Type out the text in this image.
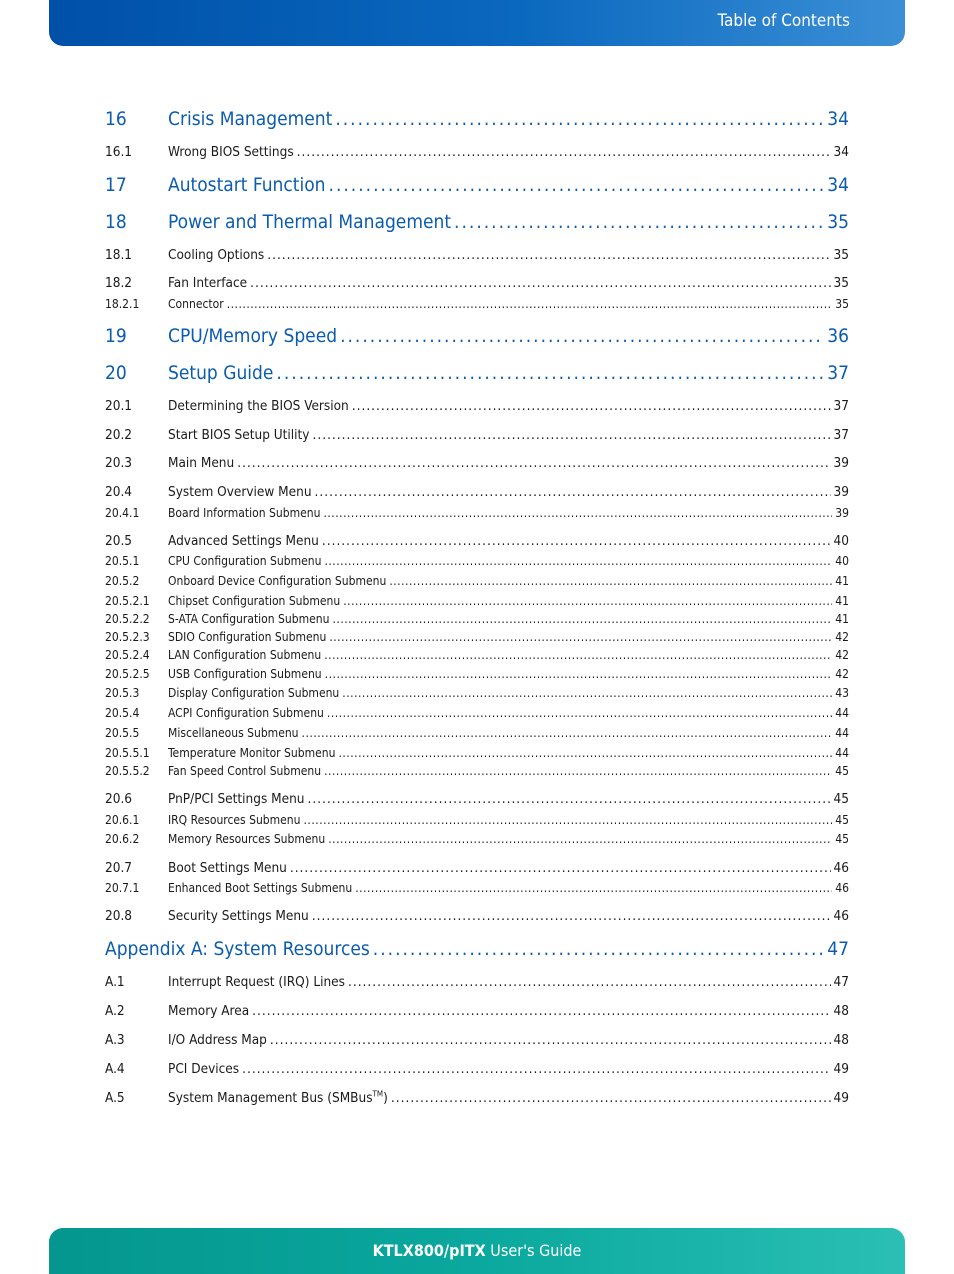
Table of Contents
16	Crisis Management .....	34
16.1	Wrong BIOS Settings .....	34
17	Autostart Function .....	34
18	Power and Thermal Management .....	35
18.1	Cooling Options .....	35
18.2	Fan Interface .....	35
18.2.1	Connector .....	35
19	CPU/Memory Speed .....	36
20	Setup Guide .....	37
20.1	Determining the BIOS Version .....	37
20.2	Start BIOS Setup Utility .....	37
20.3	Main Menu .....	39
20.4	System Overview Menu .....	39
20.4.1	Board Information Submenu .....	39
20.5	Advanced Settings Menu .....	40
20.5.1	CPU Configuration Submenu .....	40
20.5.2	Onboard Device Configuration Submenu .....	41
20.5.2.1	Chipset Configuration Submenu .....	41
20.5.2.2	S-ATA Configuration Submenu .....	41
20.5.2.3	SDIO Configuration Submenu .....	42
20.5.2.4	LAN Configuration Submenu .....	42
20.5.2.5	USB Configuration Submenu .....	42
20.5.3	Display Configuration Submenu .....	43
20.5.4	ACPI Configuration Submenu .....	44
20.5.5	Miscellaneous Submenu .....	44
20.5.5.1	Temperature Monitor Submenu .....	44
20.5.5.2	Fan Speed Control Submenu .....	45
20.6	PnP/PCI Settings Menu .....	45
20.6.1	IRQ Resources Submenu .....	45
20.6.2	Memory Resources Submenu .....	45
20.7	Boot Settings Menu .....	46
20.7.1	Enhanced Boot Settings Submenu .....	46
20.8	Security Settings Menu .....	46
Appendix A: System Resources .....	47
A.1	Interrupt Request (IRQ) Lines .....	47
A.2	Memory Area .....	48
A.3	I/O Address Map .....	48
A.4	PCI Devices .....	49
A.5	System Management Bus (SMBus™) .....	49
KTLX800/pITX User's Guide
